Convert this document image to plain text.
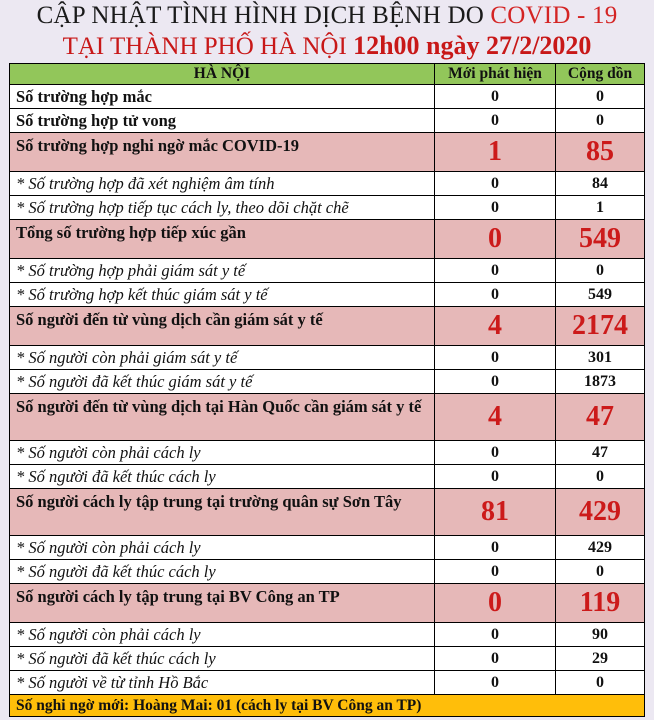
CẬP NHẬT TÌNH HÌNH DỊCH BỆNH DO COVID - 19
TẠI THÀNH PHỐ HÀ NỘI 12h00 ngày 27/2/2020
HÀ NỘI	Mới phát hiện	Cộng dồn
Số trường hợp mắc	0	0
Số trường hợp tử vong	0	0
Số trường hợp nghi ngờ mắc COVID-19	1	85
* Số trường hợp đã xét nghiệm âm tính	0	84
* Số trường hợp tiếp tục cách ly, theo dõi chặt chẽ	0	1
Tổng số trường hợp tiếp xúc gần	0	549
* Số trường hợp phải giám sát y tế	0	0
* Số trường hợp kết thúc giám sát y tế	0	549
Số người đến từ vùng dịch cần giám sát y tế	4	2174
* Số người còn phải giám sát y tế	0	301
* Số người đã kết thúc giám sát y tế	0	1873
Số người đến từ vùng dịch tại Hàn Quốc cần giám sát y tế	4	47
* Số người còn phải cách ly	0	47
* Số người đã kết thúc cách ly	0	0
Số người cách ly tập trung tại trường quân sự Sơn Tây	81	429
* Số người còn phải cách ly	0	429
* Số người đã kết thúc cách ly	0	0
Số người cách ly tập trung tại BV Công an TP	0	119
* Số người còn phải cách ly	0	90
* Số người đã kết thúc cách ly	0	29
* Số người về từ tỉnh Hồ Bắc	0	0
Số nghi ngờ mới: Hoàng Mai: 01 (cách ly tại BV Công an TP)		
